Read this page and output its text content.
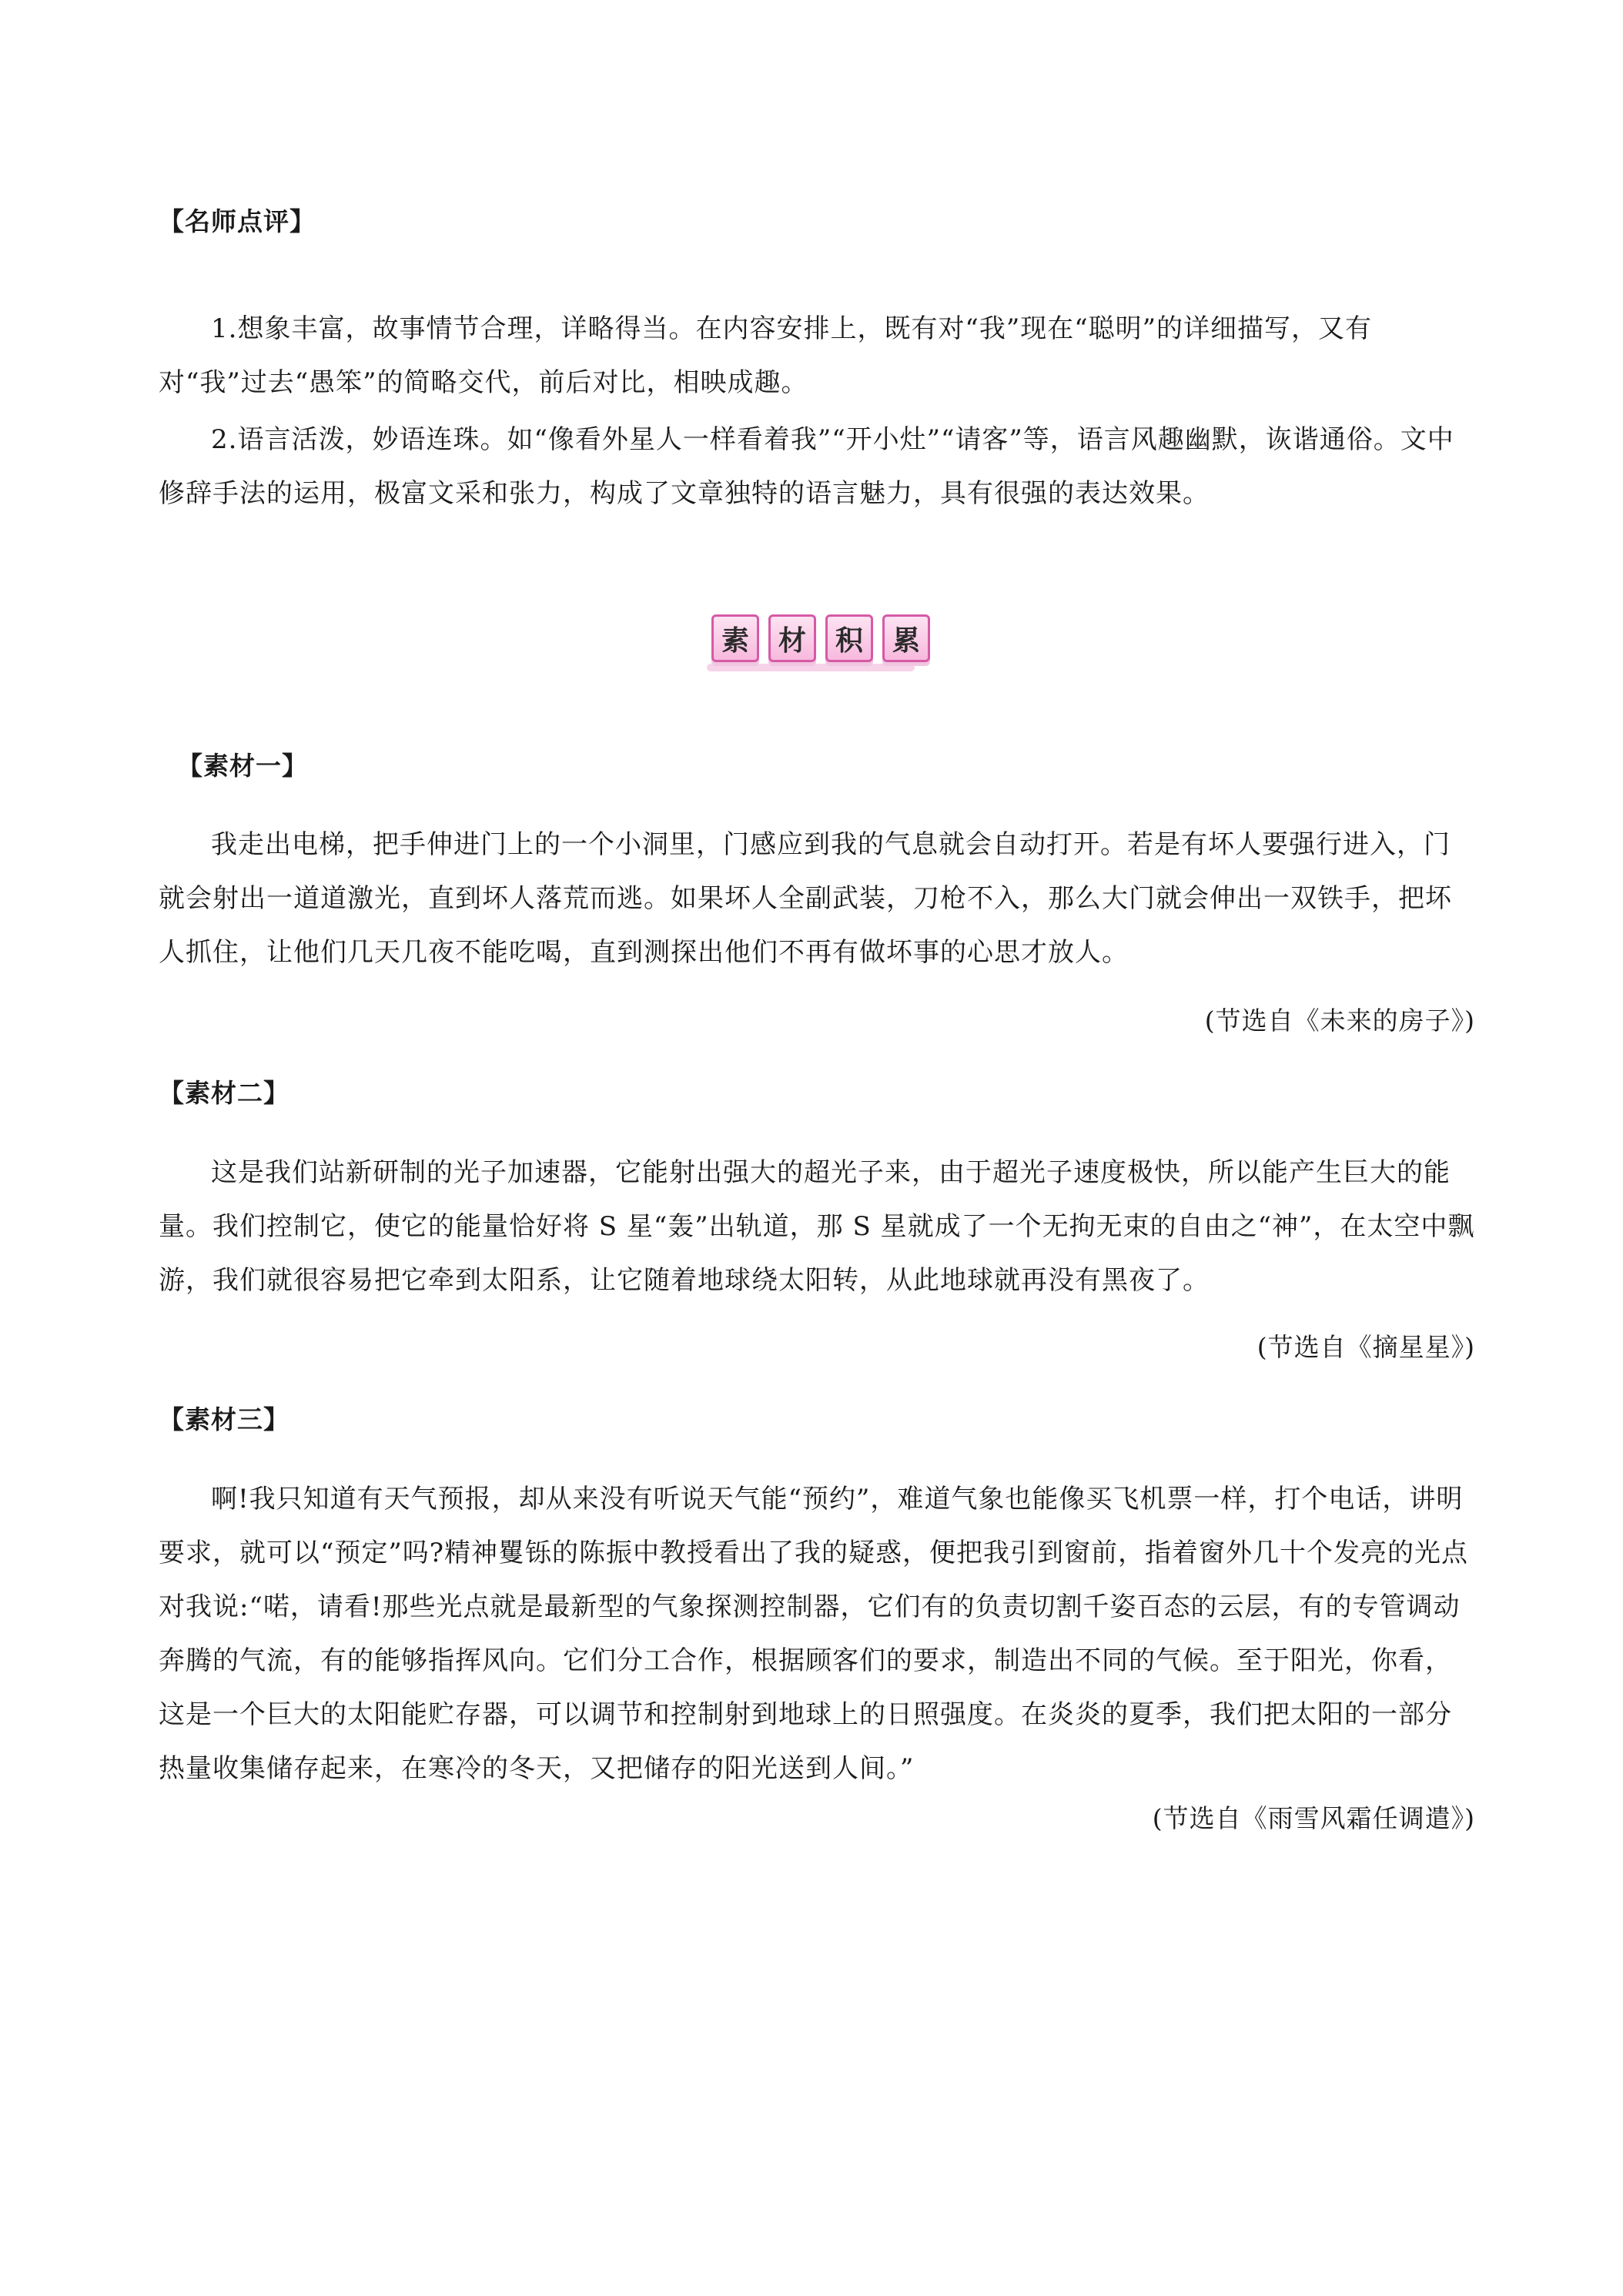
【名师点评】

1.想象丰富，故事情节合理，详略得当。在内容安排上，既有对“我”现在“聪明”的详细描写，又有对“我”过去“愚笨”的简略交代，前后对比，相映成趣。

2.语言活泼，妙语连珠。如“像看外星人一样看着我”“开小灶”“请客”等，语言风趣幽默，诙谐通俗。文中修辞手法的运用，极富文采和张力，构成了文章独特的语言魅力，具有很强的表达效果。

素	材	积	累
【素材一】

我走出电梯，把手伸进门上的一个小洞里，门感应到我的气息就会自动打开。若是有坏人要强行进入，门就会射出一道道激光，直到坏人落荒而逃。如果坏人全副武装，刀枪不入，那么大门就会伸出一双铁手，把坏人抓住，让他们几天几夜不能吃喝，直到测探出他们不再有做坏事的心思才放人。

(节选自《未来的房子》)
【素材二】

这是我们站新研制的光子加速器，它能射出强大的超光子来，由于超光子速度极快，所以能产生巨大的能量。我们控制它，使它的能量恰好将 S 星“轰”出轨道，那 S 星就成了一个无拘无束的自由之“神”，在太空中飘游，我们就很容易把它牵到太阳系，让它随着地球绕太阳转，从此地球就再没有黑夜了。

(节选自《摘星星》)
【素材三】

啊!我只知道有天气预报，却从来没有听说天气能“预约”，难道气象也能像买飞机票一样，打个电话，讲明要求，就可以“预定”吗?精神矍铄的陈振中教授看出了我的疑惑，便把我引到窗前，指着窗外几十个发亮的光点对我说:“喏，请看!那些光点就是最新型的气象探测控制器，它们有的负责切割千姿百态的云层，有的专管调动奔腾的气流，有的能够指挥风向。它们分工合作，根据顾客们的要求，制造出不同的气候。至于阳光，你看，这是一个巨大的太阳能贮存器，可以调节和控制射到地球上的日照强度。在炎炎的夏季，我们把太阳的一部分热量收集储存起来，在寒冷的冬天，又把储存的阳光送到人间。”

(节选自《雨雪风霜任调遣》)
